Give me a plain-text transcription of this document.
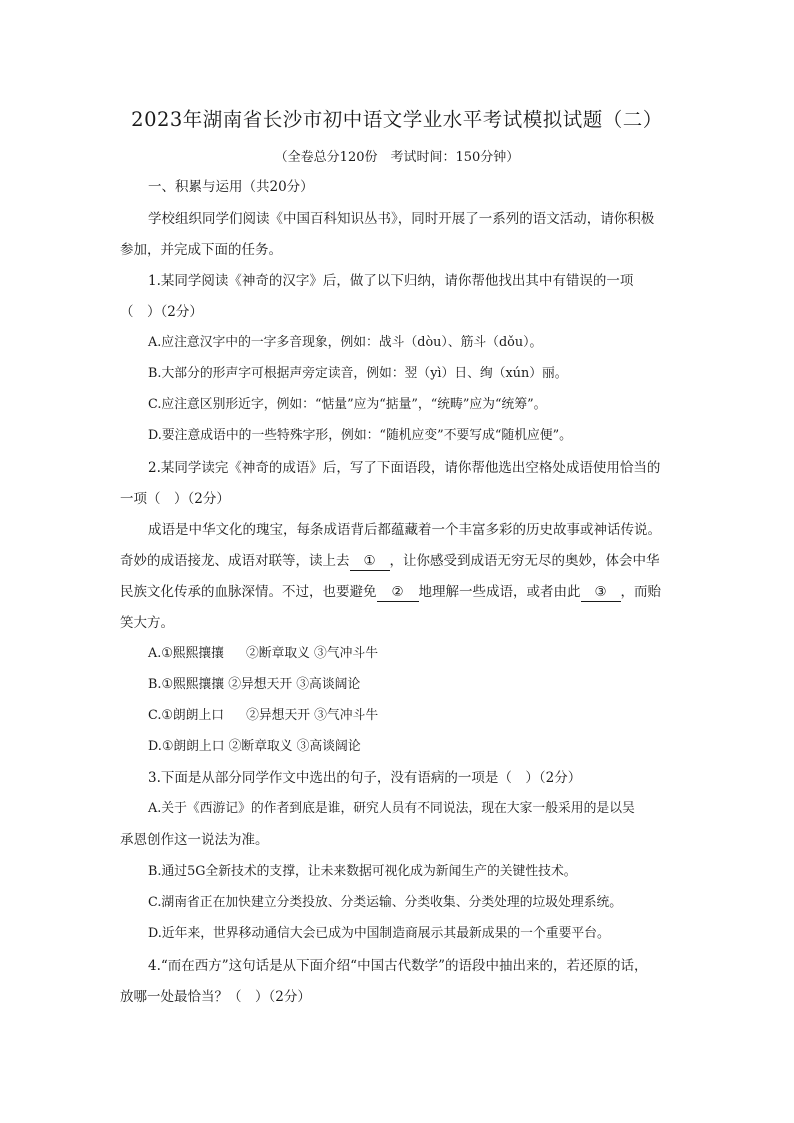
2023年湖南省长沙市初中语文学业水平考试模拟试题（二）
（全卷总分120份　考试时间：150分钟）
一、积累与运用（共20分）
学校组织同学们阅读《中国百科知识丛书》，同时开展了一系列的语文活动，请你积极
参加，并完成下面的任务。
1.某同学阅读《神奇的汉字》后，做了以下归纳，请你帮他找出其中有错误的一项
（　）（2分）
A.应注意汉字中的一字多音现象，例如：战斗（dòu）、筋斗（dǒu）。
B.大部分的形声字可根据声旁定读音，例如：翌（yì）日、绚（xún）丽。
C.应注意区别形近字，例如：“惦量”应为“掂量”，“统畴”应为“统筹”。
D.要注意成语中的一些特殊字形，例如：“随机应变”不要写成“随机应便”。
2.某同学读完《神奇的成语》后，写了下面语段，请你帮他选出空格处成语使用恰当的
一项（　）（2分）
成语是中华文化的瑰宝，每条成语背后都蕴藏着一个丰富多彩的历史故事或神话传说。
奇妙的成语接龙、成语对联等，读上去 ① ，让你感受到成语无穷无尽的奥妙，体会中华
民族文化传承的血脉深情。不过，也要避免 ② 地理解一些成语，或者由此 ③ ，而贻
笑大方。
A.①熙熙攘攘 ②断章取义 ③气冲斗牛
B.①熙熙攘攘 ②异想天开 ③高谈阔论
C.①朗朗上口 ②异想天开 ③气冲斗牛
D.①朗朗上口 ②断章取义 ③高谈阔论
3.下面是从部分同学作文中选出的句子，没有语病的一项是（　）（2分）
A.关于《西游记》的作者到底是谁，研究人员有不同说法，现在大家一般采用的是以吴
承恩创作这一说法为准。
B.通过5G全新技术的支撑，让未来数据可视化成为新闻生产的关键性技术。
C.湖南省正在加快建立分类投放、分类运输、分类收集、分类处理的垃圾处理系统。
D.近年来，世界移动通信大会已成为中国制造商展示其最新成果的一个重要平台。
4.“而在西方”这句话是从下面介绍“中国古代数学”的语段中抽出来的，若还原的话，
放哪一处最恰当？（　）（2分）
